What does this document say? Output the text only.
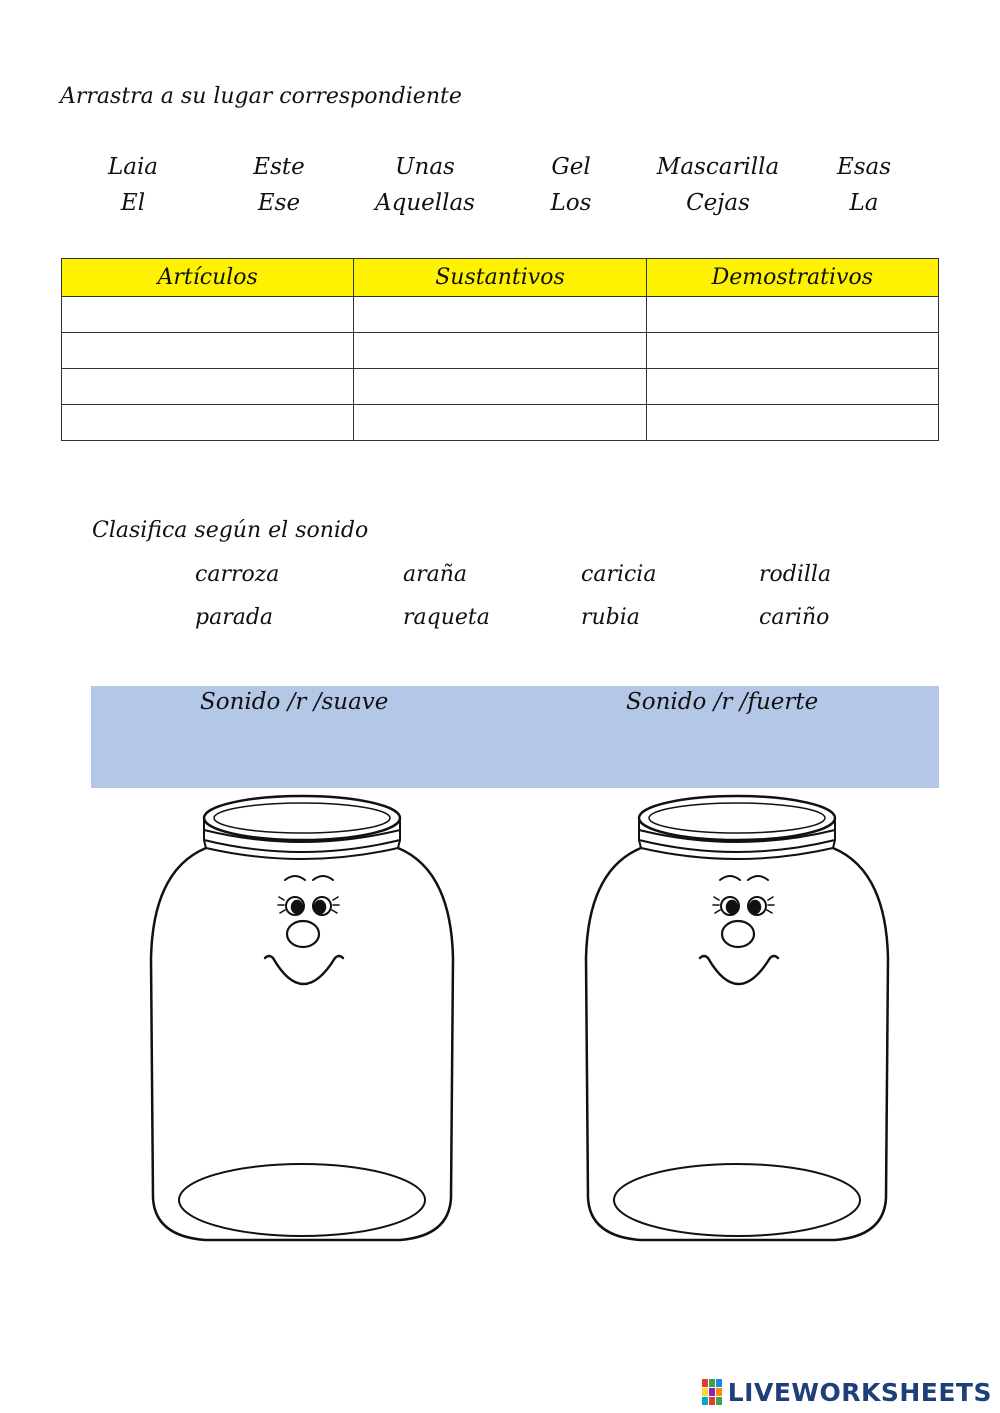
Arrastra a su lugar correspondiente
Laia	Este	Unas	Gel	Mascarilla	Esas
El	Ese	Aquellas	Los	Cejas	La
Artículos	Sustantivos	Demostrativos

Clasifica según el sonido
carroza	araña	caricia	rodilla
parada	raqueta	rubia	cariño
Sonido /r /suave	Sonido /r /fuerte
LIVEWORKSHEETS
